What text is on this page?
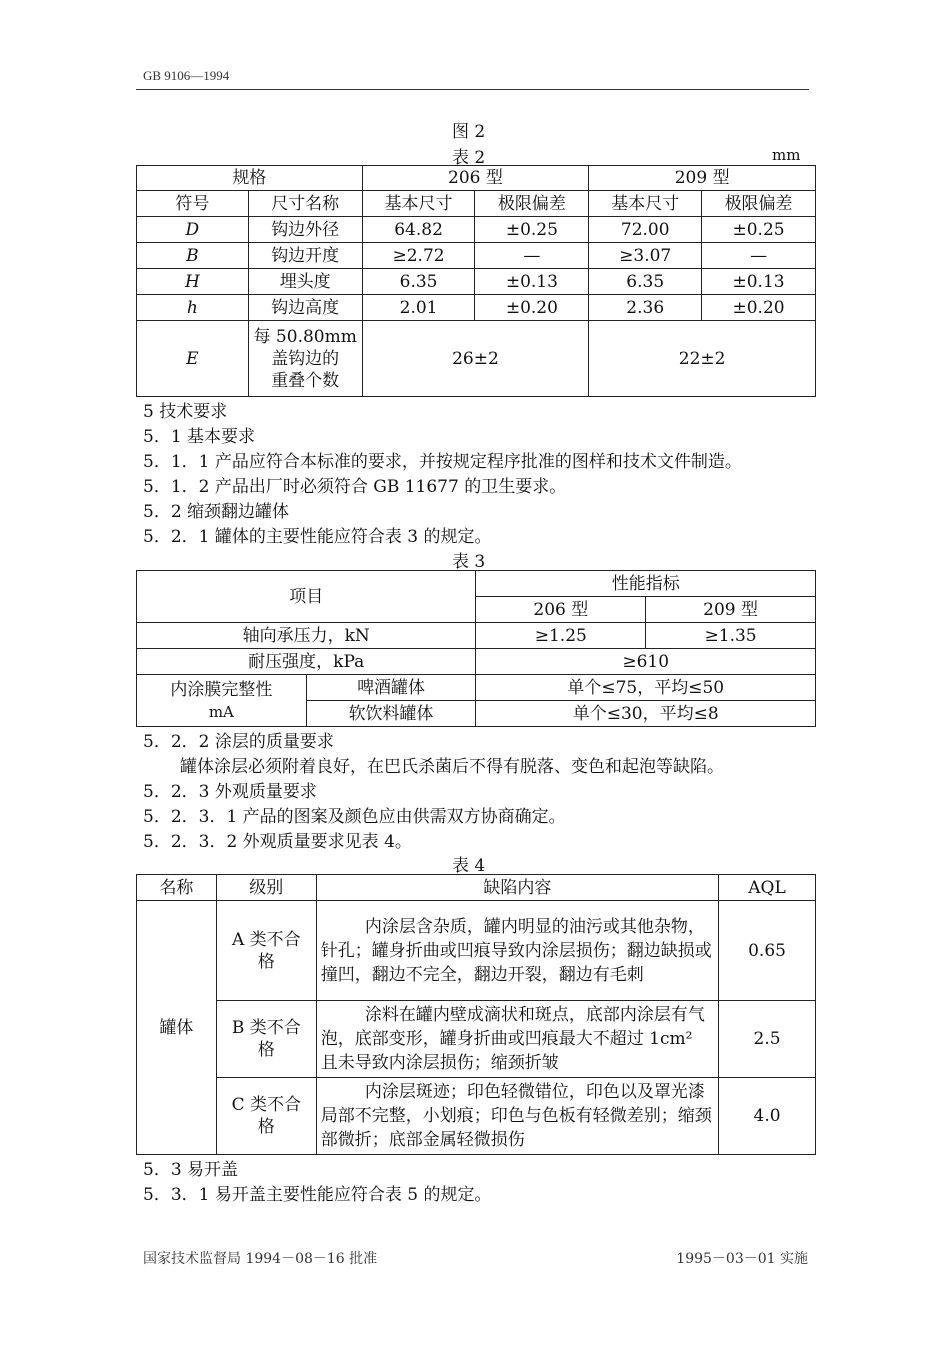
GB 9106—1994
图 2
表 2	mm
规格		206 型		209 型	
符号	尺寸名称	基本尺寸	极限偏差	基本尺寸	极限偏差
D	钩边外径	64.82	±0.25	72.00	±0.25
B	钩边开度	≥2.72	—	≥3.07	—
H	埋头度	6.35	±0.13	6.35	±0.13
h	钩边高度	2.01	±0.20	2.36	±0.20
E	每 50.80mm
盖钩边的
重叠个数	26±2		22±2	
5 技术要求
5．1 基本要求
5．1．1 产品应符合本标准的要求，并按规定程序批准的图样和技术文件制造。
5．1．2 产品出厂时必须符合 GB 11677 的卫生要求。
5．2 缩颈翻边罐体
5．2．1 罐体的主要性能应符合表 3 的规定。
表 3
项目		性能指标	
		206 型	209 型
轴向承压力，kN		≥1.25	≥1.35
耐压强度，kPa		≥610	

内涂膜完整性
mA	啤酒罐体	单个≤75，平均≤50	
	软饮料罐体	单个≤30，平均≤8	
5．2．2 涂层的质量要求
罐体涂层必须附着良好，在巴氏杀菌后不得有脱落、变色和起泡等缺陷。
5．2．3 外观质量要求
5．2．3．1 产品的图案及颜色应由供需双方协商确定。
5．2．3．2 外观质量要求见表 4。
表 4
名称	级别	缺陷内容	AQL
罐体	A 类不合
格	内涂层含杂质，罐内明显的油污或其他杂物，针孔；罐身折曲或凹痕导致内涂层损伤；翻边缺损或撞凹，翻边不完全，翻边开裂，翻边有毛刺	0.65

	B 类不合
格	涂料在罐内壁成滴状和斑点，底部内涂层有气泡，底部变形，罐身折曲或凹痕最大不超过 1cm² 且未导致内涂层损伤；缩颈折皱	2.5

	C 类不合
格	内涂层斑迹；印色轻微错位，印色以及罩光漆局部不完整，小划痕；印色与色板有轻微差别；缩颈部微折；底部金属轻微损伤	4.0
5．3 易开盖
5．3．1 易开盖主要性能应符合表 5 的规定。
国家技术监督局 1994－08－16 批准	1995－03－01 实施
